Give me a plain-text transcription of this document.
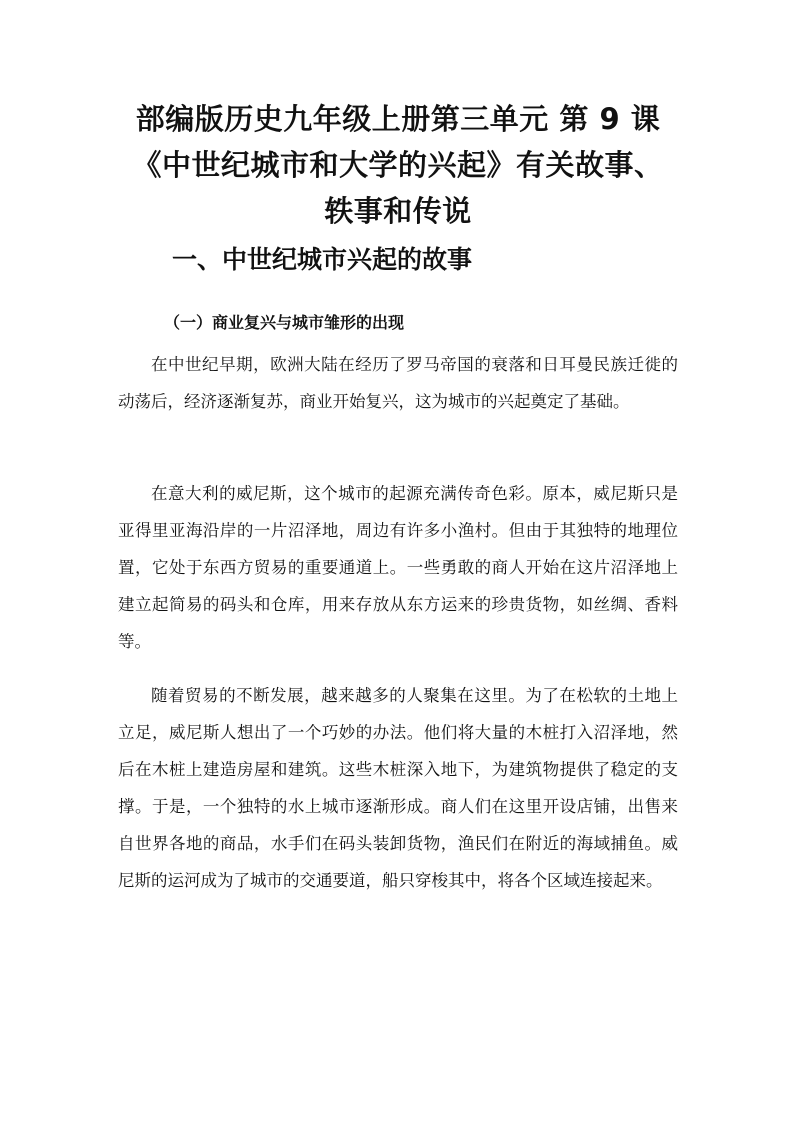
部编版历史九年级上册第三单元 第 9 课《中世纪城市和大学的兴起》有关故事、轶事和传说
一、中世纪城市兴起的故事
（一）商业复兴与城市雏形的出现

在中世纪早期，欧洲大陆在经历了罗马帝国的衰落和日耳曼民族迁徙的动荡后，经济逐渐复苏，商业开始复兴，这为城市的兴起奠定了基础。

在意大利的威尼斯，这个城市的起源充满传奇色彩。原本，威尼斯只是亚得里亚海沿岸的一片沼泽地，周边有许多小渔村。但由于其独特的地理位置，它处于东西方贸易的重要通道上。一些勇敢的商人开始在这片沼泽地上建立起简易的码头和仓库，用来存放从东方运来的珍贵货物，如丝绸、香料等。

随着贸易的不断发展，越来越多的人聚集在这里。为了在松软的土地上立足，威尼斯人想出了一个巧妙的办法。他们将大量的木桩打入沼泽地，然后在木桩上建造房屋和建筑。这些木桩深入地下，为建筑物提供了稳定的支撑。于是，一个独特的水上城市逐渐形成。商人们在这里开设店铺，出售来自世界各地的商品，水手们在码头装卸货物，渔民们在附近的海域捕鱼。威尼斯的运河成为了城市的交通要道，船只穿梭其中，将各个区域连接起来。
